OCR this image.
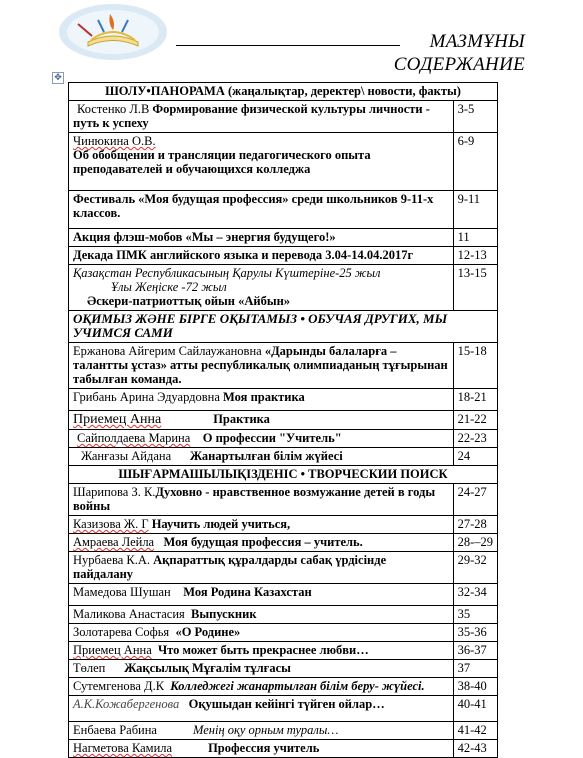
МАЗМҰНЫ
СОДЕРЖАНИЕ
✥
ШОЛУ•ПАНОРАМА (жаңалықтар, деректер\ новости, факты)	
Костенко Л.В Формирование физической культуры личности - путь к успеху	3-5
Чинюкина О.В.
Об обобщении и трансляции педагогического опыта преподавателей и обучающихся колледжа	6-9
Фестиваль «Моя будущая профессия» среди школьников 9-11-х классов.	9-11
Акция флэш-мобов «Мы – энергия будущего!»	11
Декада ПМК английского языка и перевода 3.04-14.04.2017г	12-13
Қазақстан Республикасының Қарулы Күштеріне-25 жыл
Ұлы Жеңіске -72 жыл
Әскери-патриоттық ойын «Айбын»	13-15
ОҚИМЫЗ ЖӘНЕ БІРГЕ ОҚЫТАМЫЗ • ОБУЧАЯ ДРУГИХ, МЫ УЧИМСЯ САМИ	
Ержанова Айгерим Сайлаужановна «Дарынды балаларға – талантты ұстаз» атты республикалық олимпиаданың тұғырынан табылған команда.	15-18
Грибань Арина Эдуардовна Моя практика	18-21
Приемец Анна Практика	21-22
Сайполдаева Марина О профессии "Учитель"	22-23
Жанғазы Айдана Жанартылған білім жүйесі	24
ШЫҒАРМАШЫЛЫҚІЗДЕНІС • ТВОРЧЕСКИИ ПОИСК	
Шарипова З. К.Духовно - нравственное возмужание детей в годы войны	24-27
Казизова Ж. Г Научить людей учиться,	27-28
Амраева Лейла Моя будущая профессия – учитель.	28-–29
Нурбаева К.А. Ақпараттық құралдарды сабақ үрдісінде пайдалану	29-32
Мамедова Шушан Моя Родина Казахстан	32-34
Маликова Анастасия Выпускник	35
Золотарева Софья «О Родине»	35-36
Приемец Анна Что может быть прекраснее любви…	36-37
Төлеп Жақсылық Мұғалім тұлғасы	37
Сутемгенова Д.К Колледжегі жанартылған білім беру- жүйесі.	38-40
А.К.Кожабергенова Оқушыдан кейінгі түйген ойлар…	40-41
Енбаева Рабина Менің оқу орным туралы…	41-42
Нагметова Камила Профессия учитель	42-43
